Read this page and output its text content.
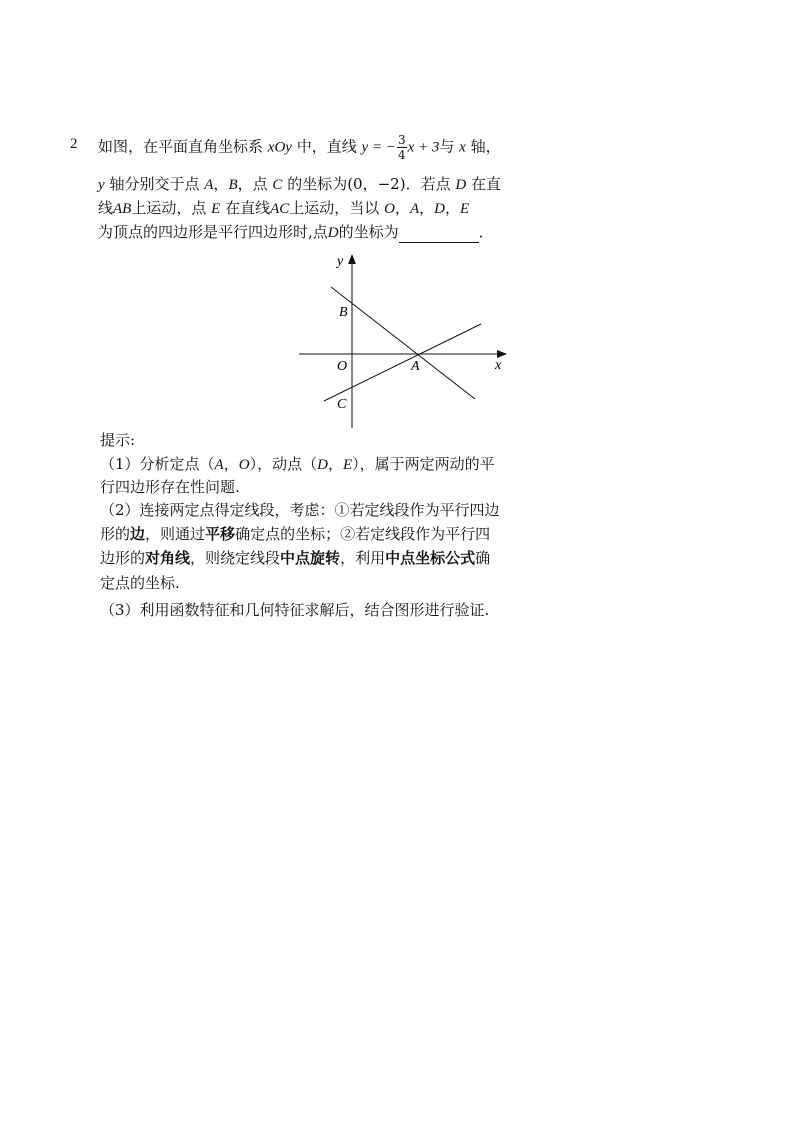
2 如图，在平面直角坐标系 xOy 中，直线 y = − $\frac{3}{4}$ x + 3与 x 轴，
y 轴分别交于点 A，B，点 C 的坐标为(0，−2)．若点 D 在直
线AB上运动，点 E 在直线AC上运动，当以 O，A，D，E
为顶点的四边形是平行四边形时,点D的坐标为	．
y
x
O	A
B
C
提示:
（1）分析定点（A，O），动点（D，E），属于两定两动的平
行四边形存在性问题.
（2）连接两定点得定线段，考虑：①若定线段作为平行四边
形的边，则通过平移确定点的坐标；②若定线段作为平行四
边形的对角线，则绕定线段中点旋转，利用中点坐标公式确
定点的坐标.
（3）利用函数特征和几何特征求解后，结合图形进行验证.
